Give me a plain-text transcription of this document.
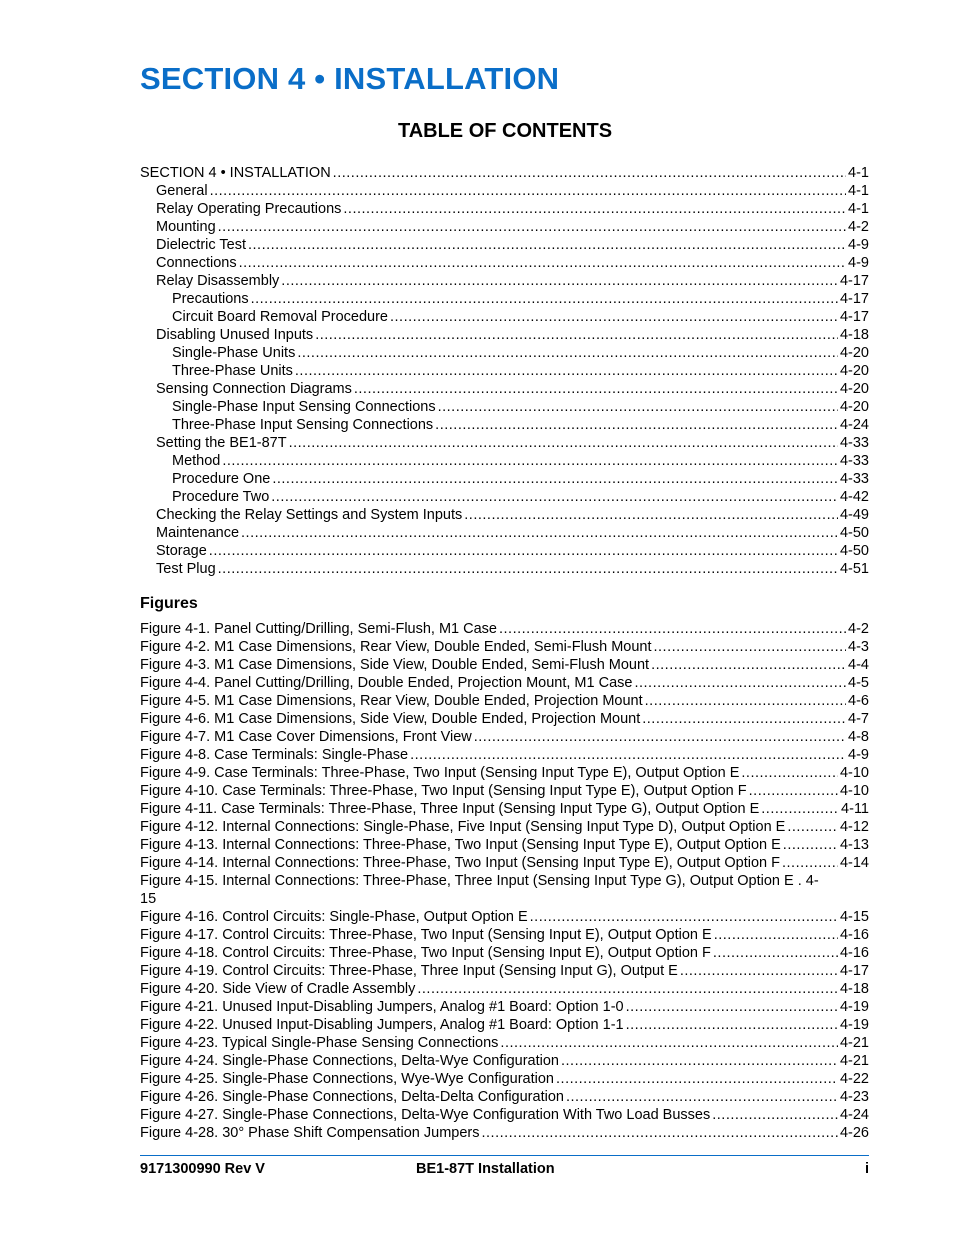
SECTION 4 • INSTALLATION
TABLE OF CONTENTS
SECTION 4 • INSTALLATION .....	4-1
General .....	4-1
Relay Operating Precautions .....	4-1
Mounting .....	4-2
Dielectric Test .....	4-9
Connections .....	4-9
Relay Disassembly .....	4-17
Precautions .....	4-17
Circuit Board Removal Procedure .....	4-17
Disabling Unused Inputs .....	4-18
Single-Phase Units .....	4-20
Three-Phase Units .....	4-20
Sensing Connection Diagrams .....	4-20
Single-Phase Input Sensing Connections .....	4-20
Three-Phase Input Sensing Connections .....	4-24
Setting the BE1-87T .....	4-33
Method .....	4-33
Procedure One .....	4-33
Procedure Two .....	4-42
Checking the Relay Settings and System Inputs .....	4-49
Maintenance .....	4-50
Storage .....	4-50
Test Plug .....	4-51
Figures
Figure 4-1. Panel Cutting/Drilling, Semi-Flush, M1 Case .....	4-2
Figure 4-2. M1 Case Dimensions, Rear View, Double Ended, Semi-Flush Mount .....	4-3
Figure 4-3. M1 Case Dimensions, Side View, Double Ended, Semi-Flush Mount .....	4-4
Figure 4-4. Panel Cutting/Drilling, Double Ended, Projection Mount, M1 Case .....	4-5
Figure 4-5. M1 Case Dimensions, Rear View, Double Ended, Projection Mount .....	4-6
Figure 4-6. M1 Case Dimensions, Side View, Double Ended, Projection Mount .....	4-7
Figure 4-7. M1 Case Cover Dimensions, Front View .....	4-8
Figure 4-8. Case Terminals: Single-Phase .....	4-9
Figure 4-9. Case Terminals: Three-Phase, Two Input (Sensing Input Type E), Output Option E .....	4-10
Figure 4-10. Case Terminals: Three-Phase, Two Input (Sensing Input Type E), Output Option F .....	4-10
Figure 4-11. Case Terminals: Three-Phase, Three Input (Sensing Input Type G), Output Option E .....	4-11
Figure 4-12. Internal Connections: Single-Phase, Five Input (Sensing Input Type D), Output Option E .....	4-12
Figure 4-13. Internal Connections: Three-Phase, Two Input (Sensing Input Type E), Output Option E .....	4-13
Figure 4-14. Internal Connections: Three-Phase, Two Input (Sensing Input Type E), Output Option F .....	4-14
Figure 4-15. Internal Connections: Three-Phase, Three Input (Sensing Input Type G), Output Option E . 4-
15
Figure 4-16. Control Circuits: Single-Phase, Output Option E .....	4-15
Figure 4-17. Control Circuits: Three-Phase, Two Input (Sensing Input E), Output Option E .....	4-16
Figure 4-18. Control Circuits: Three-Phase, Two Input (Sensing Input E), Output Option F .....	4-16
Figure 4-19. Control Circuits: Three-Phase, Three Input (Sensing Input G), Output E .....	4-17
Figure 4-20. Side View of Cradle Assembly .....	4-18
Figure 4-21. Unused Input-Disabling Jumpers, Analog #1 Board: Option 1-0 .....	4-19
Figure 4-22. Unused Input-Disabling Jumpers, Analog #1 Board: Option 1-1 .....	4-19
Figure 4-23. Typical Single-Phase Sensing Connections .....	4-21
Figure 4-24. Single-Phase Connections, Delta-Wye Configuration .....	4-21
Figure 4-25. Single-Phase Connections, Wye-Wye Configuration .....	4-22
Figure 4-26. Single-Phase Connections, Delta-Delta Configuration .....	4-23
Figure 4-27. Single-Phase Connections, Delta-Wye Configuration With Two Load Busses .....	4-24
Figure 4-28. 30° Phase Shift Compensation Jumpers .....	4-26
9171300990 Rev V	BE1-87T Installation	i
